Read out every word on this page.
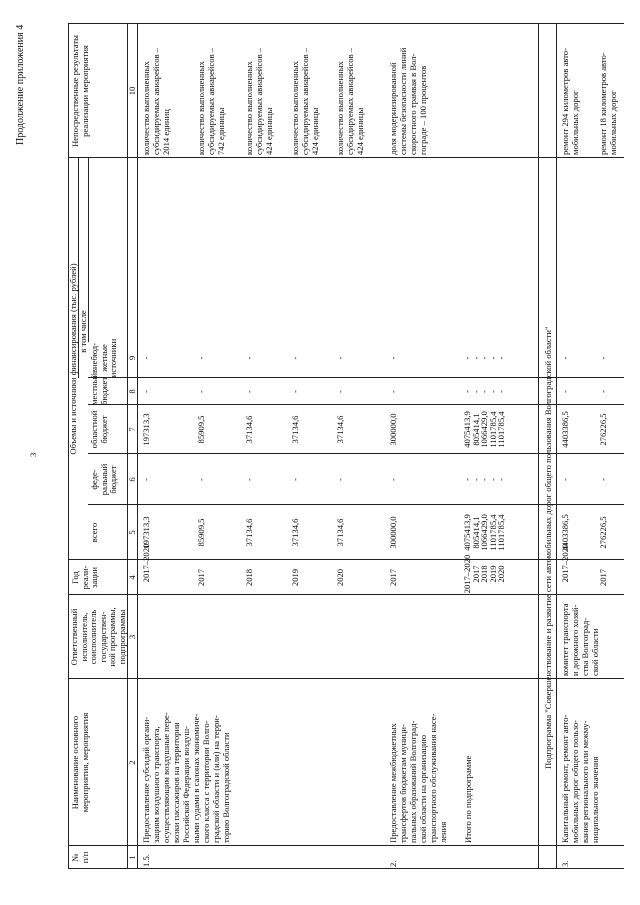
3
Продолжение приложения 4
№
п/п
Наименование основного
мероприятия, мероприятия
Ответственный
исполнитель,
соисполнитель
государствен-
ной программы,
подпрограммы
Год
реали-
зации
Объемы и источники финансирования (тыс. рублей)
всего
в том числе
феде-
ральный
бюджет
областной
бюджет
местный
бюджет
внебюд-
жетные
источники
Непосредственные результаты
реализации мероприятия
1
2
3
4
5
6
7
8
9
10
1.5.
Предоставление субсидий органи-
зациям воздушного транспорта,
осуществляющим воздушные пере-
возки пассажиров на территории
Российской Федерации воздуш-
ными судами в салонах экономиче-
ского класса с территории Волго-
градской области и (или) на терри-
торию Волгоградской области
2017–2020
197313,3
-
197313,3
-
-
количество выполненных
субсидируемых авиарейсов –
2014 единиц
2017
85909,5
-
85909,5
-
-
количество выполненных
субсидируемых авиарейсов –
742 единицы
2018
37134,6
-
37134,6
-
-
количество выполненных
субсидируемых авиарейсов –
424 единицы
2019
37134,6
-
37134,6
-
-
количество выполненных
субсидируемых авиарейсов –
424 единицы
2020
37134,6
-
37134,6
-
-
количество выполненных
субсидируемых авиарейсов –
424 единицы
2.
Предоставление межбюджетных
трансфертов бюджетам муници-
пальных образований Волгоград-
ской области на организацию
транспортного обслуживания насе-
ления
2017
300000,0
-
300000,0
-
-
доля модернизированной
системы безопасности линий
скоростного трамвая в Вол-
гограде – 100 процентов
Итого по подпрограмме
2017–2020
2017
2018
2019
2020
4075413,9
805414,1
1066429,0
1101785,4
1101785,4
-
-
-
-
-
4075413,9
805414,1
1066429,0
1101785,4
1101785,4
-
-
-
-
-
-
-
-
-
-	Подпрограмма "Совершенствование и развитие сети автомобильных дорог общего пользования Волгоградской области"
3.
Капитальный ремонт, ремонт авто-
мобильных дорог общего пользо-
вания регионального или межму-
ниципального значения
комитет транспорта
и дорожного хозяй-
ства Волгоград-
ской области
2017–2020
4403386,5
-
4403386,5
-
-
ремонт 294 километров авто-
мобильных дорог
2017
276226,5
-
276226,5
-
-
ремонт 18 километров авто-
мобильных дорог
